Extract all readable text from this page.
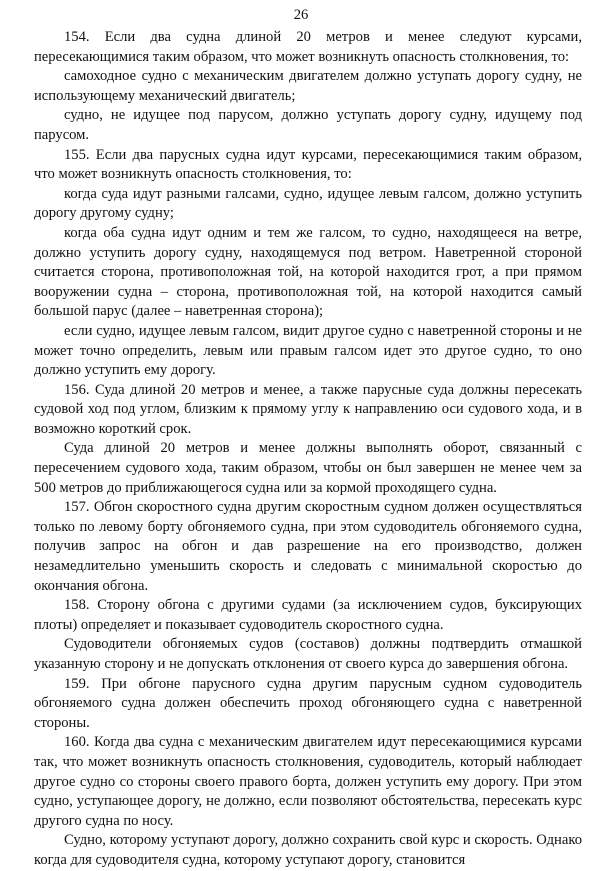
26

154. Если два судна длиной 20 метров и менее следуют курсами, пересекающимися таким образом, что может возникнуть опасность столкновения, то:

самоходное судно с механическим двигателем должно уступать дорогу судну, не использующему механический двигатель;

судно, не идущее под парусом, должно уступать дорогу судну, идущему под парусом.

155. Если два парусных судна идут курсами, пересекающимися таким образом, что может возникнуть опасность столкновения, то:

когда суда идут разными галсами, судно, идущее левым галсом, должно уступить дорогу другому судну;

когда оба судна идут одним и тем же галсом, то судно, находящееся на ветре, должно уступить дорогу судну, находящемуся под ветром. Наветренной стороной считается сторона, противоположная той, на которой находится грот, а при прямом вооружении судна – сторона, противоположная той, на которой находится самый большой парус (далее – наветренная сторона);

если судно, идущее левым галсом, видит другое судно с наветренной стороны и не может точно определить, левым или правым галсом идет это другое судно, то оно должно уступить ему дорогу.

156. Суда длиной 20 метров и менее, а также парусные суда должны пересекать судовой ход под углом, близким к прямому углу к направлению оси судового хода, и в возможно короткий срок.

Суда длиной 20 метров и менее должны выполнять оборот, связанный с пересечением судового хода, таким образом, чтобы он был завершен не менее чем за 500 метров до приближающегося судна или за кормой проходящего судна.

157. Обгон скоростного судна другим скоростным судном должен осуществляться только по левому борту обгоняемого судна, при этом судоводитель обгоняемого судна, получив запрос на обгон и дав разрешение на его производство, должен незамедлительно уменьшить скорость и следовать с минимальной скоростью до окончания обгона.

158. Сторону обгона с другими судами (за исключением судов, буксирующих плоты) определяет и показывает судоводитель скоростного судна.

Судоводители обгоняемых судов (составов) должны подтвердить отмашкой указанную сторону и не допускать отклонения от своего курса до завершения обгона.

159. При обгоне парусного судна другим парусным судном судоводитель обгоняемого судна должен обеспечить проход обгоняющего судна с наветренной стороны.

160. Когда два судна с механическим двигателем идут пересекающимися курсами так, что может возникнуть опасность столкновения, судоводитель, который наблюдает другое судно со стороны своего правого борта, должен уступить ему дорогу. При этом судно, уступающее дорогу, не должно, если позволяют обстоятельства, пересекать курс другого судна по носу.

Судно, которому уступают дорогу, должно сохранить свой курс и скорость. Однако когда для судоводителя судна, которому уступают дорогу, становится
